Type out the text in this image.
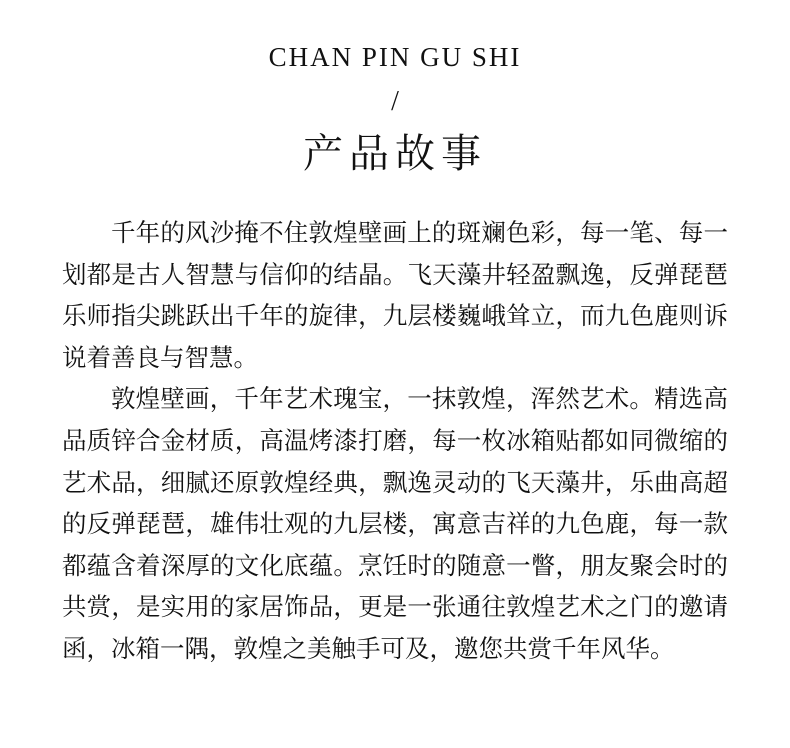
CHAN PIN GU SHI
/
产品故事

千年的风沙掩不住敦煌壁画上的斑斓色彩，每一笔、每一划都是古人智慧与信仰的结晶。飞天藻井轻盈飘逸，反弹琵琶乐师指尖跳跃出千年的旋律，九层楼巍峨耸立，而九色鹿则诉说着善良与智慧。

敦煌壁画，千年艺术瑰宝，一抹敦煌，浑然艺术。精选高品质锌合金材质，高温烤漆打磨，每一枚冰箱贴都如同微缩的艺术品，细腻还原敦煌经典，飘逸灵动的飞天藻井，乐曲高超的反弹琵琶，雄伟壮观的九层楼，寓意吉祥的九色鹿，每一款都蕴含着深厚的文化底蕴。烹饪时的随意一瞥，朋友聚会时的共赏，是实用的家居饰品，更是一张通往敦煌艺术之门的邀请函，冰箱一隅，敦煌之美触手可及，邀您共赏千年风华。
